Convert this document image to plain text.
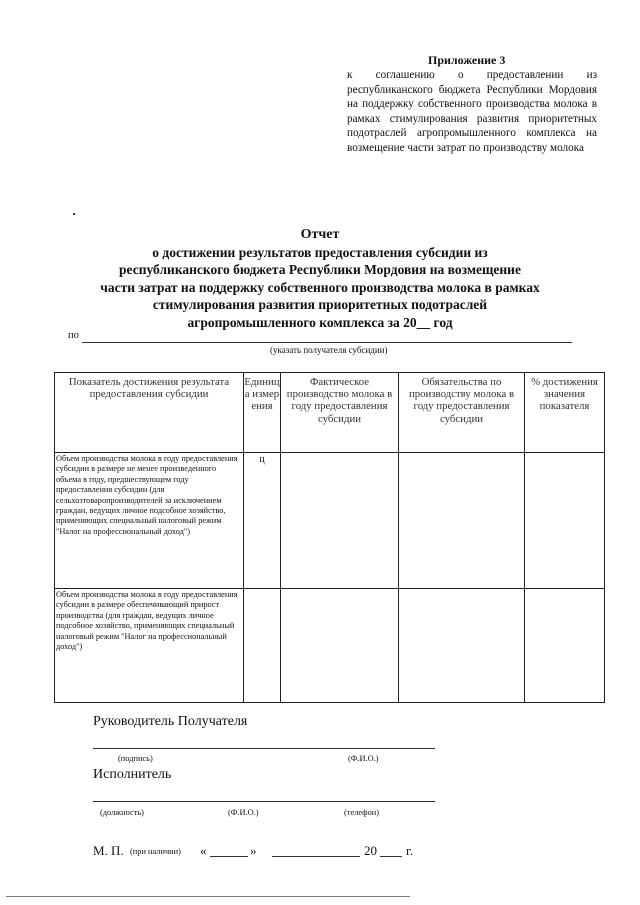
Приложение 3
к соглашению о предоставлении из республиканского бюджета Республики Мордовия на поддержку собственного производства молока в рамках стимулирования развития приоритетных подотраслей агропромышленного комплекса на возмещение части затрат по производству молока
Отчет
о достижении результатов предоставления субсидии из
республиканского бюджета Республики Мордовия на возмещение
части затрат на поддержку собственного производства молока в рамках
стимулирования развития приоритетных подотраслей
агропромышленного комплекса за 20__ год
по
(указать получателя субсидии)
Показатель достижения результата предоставления субсидии	Единица измерения	Фактическое производство молока в году предоставления субсидии	Обязательства по производству молока в году предоставления субсидии	% достижения значения показателя
Объем производства молока в году предоставления субсидии в размере не менее произведенного объема в году, предшествующем году предоставления субсидии (для сельхозтоваропроизводителей за исключением граждан, ведущих личное подсобное хозяйство, применяющих специальный налоговый режим "Налог на профессиональный доход")	ц			
Объем производства молока в году предоставления субсидии в размере обеспечивающий прирост производства (для граждан, ведущих личное подсобное хозяйство, применяющих специальный налоговый режим "Налог на профессиональный доход")				
Руководитель Получателя
(подпись)	(Ф.И.О.)
Исполнитель
(должность)	(Ф.И.О.)	(телефон)
М. П. (при наличии) «	»	20 г.
